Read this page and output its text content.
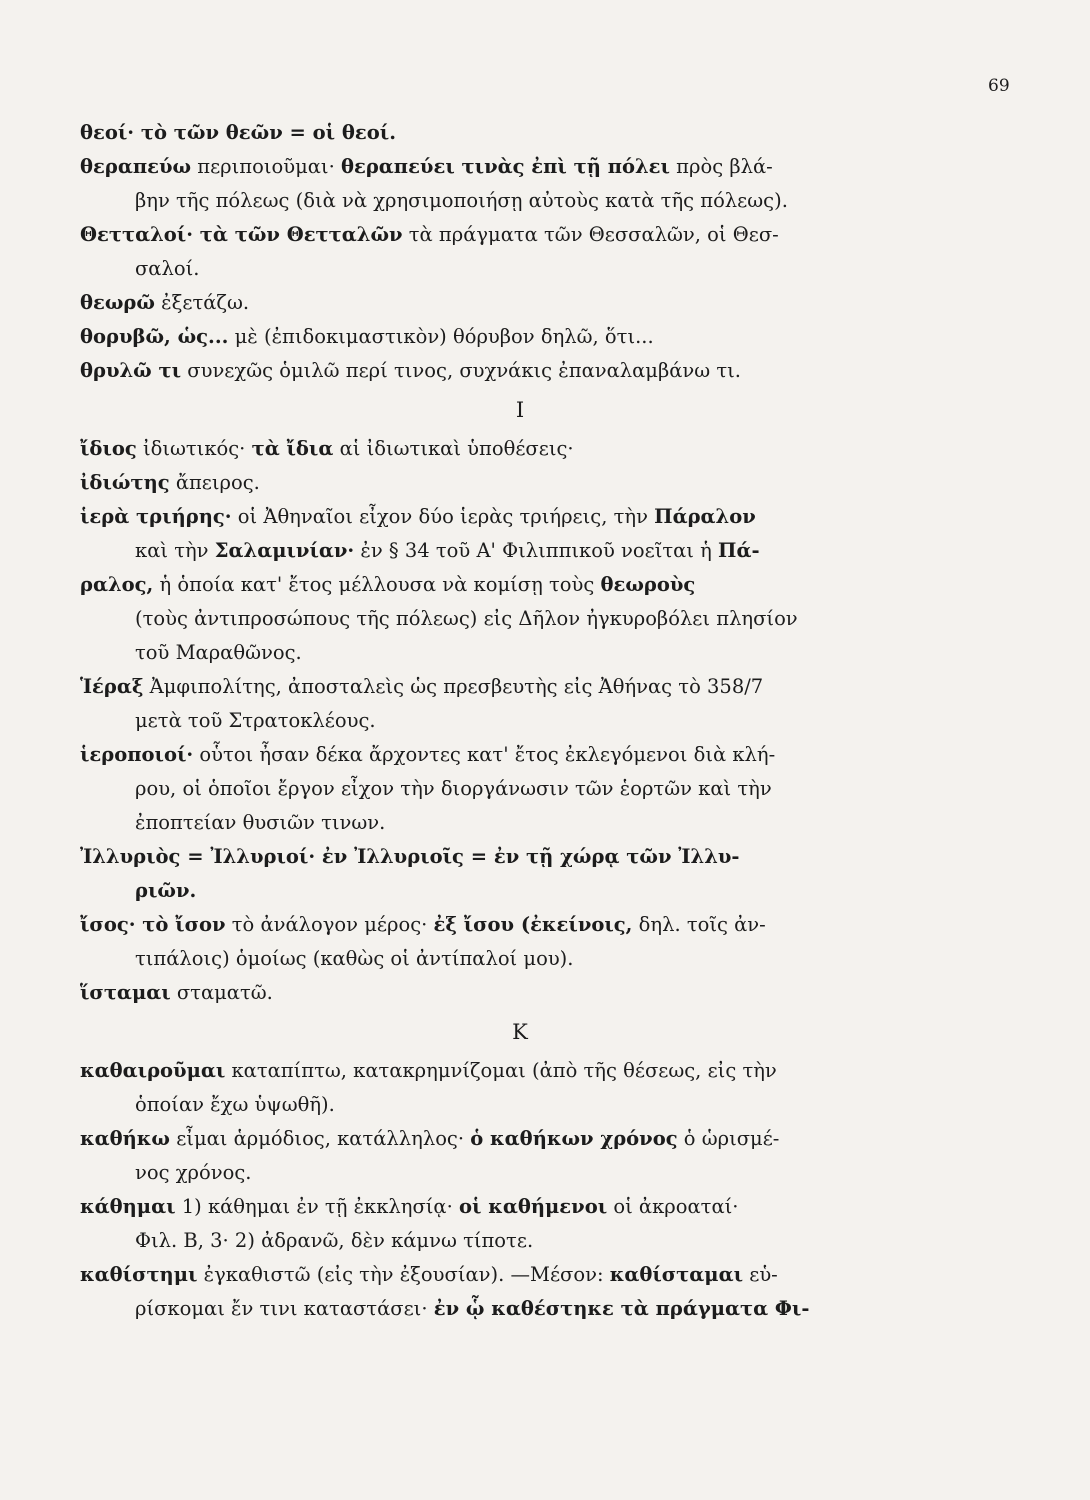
69
θεοί· τὸ τῶν θεῶν = οἱ θεοί.
θεραπεύω περιποιοῦμαι· θεραπεύει τινὰς ἐπὶ τῇ πόλει πρὸς βλά-
βην τῆς πόλεως (διὰ νὰ χρησιμοποιήσῃ αὐτοὺς κατὰ τῆς πόλεως).
Θετταλοί· τὰ τῶν Θετταλῶν τὰ πράγματα τῶν Θεσσαλῶν, οἱ Θεσ-
σαλοί.
θεωρῶ ἐξετάζω.
θορυβῶ, ὡς... μὲ (ἐπιδοκιμαστικὸν) θόρυβον δηλῶ, ὅτι...
θρυλῶ τι συνεχῶς ὁμιλῶ περί τινος, συχνάκις ἐπαναλαμβάνω τι.
Ι
ἴδιος ἰδιωτικός· τὰ ἴδια αἱ ἰδιωτικαὶ ὑποθέσεις·
ἰδιώτης ἄπειρος.
ἱερὰ τριήρης· οἱ Ἀθηναῖοι εἶχον δύο ἱερὰς τριήρεις, τὴν Πάραλον
καὶ τὴν Σαλαμινίαν· ἐν § 34 τοῦ Α' Φιλιππικοῦ νοεῖται ἡ Πά-
ραλος, ἡ ὁποία κατ' ἔτος μέλλουσα νὰ κομίσῃ τοὺς θεωροὺς
(τοὺς ἀντιπροσώπους τῆς πόλεως) εἰς Δῆλον ἠγκυροβόλει πλησίον
τοῦ Μαραθῶνος.
Ἱέραξ Ἀμφιπολίτης, ἀποσταλεὶς ὡς πρεσβευτὴς εἰς Ἀθήνας τὸ 358/7
μετὰ τοῦ Στρατοκλέους.
ἱεροποιοί· οὗτοι ἦσαν δέκα ἄρχοντες κατ' ἔτος ἐκλεγόμενοι διὰ κλή-
ρου, οἱ ὁποῖοι ἔργον εἶχον τὴν διοργάνωσιν τῶν ἑορτῶν καὶ τὴν
ἐποπτείαν θυσιῶν τινων.
Ἰλλυριὸς = Ἰλλυριοί· ἐν Ἰλλυριοῖς = ἐν τῇ χώρᾳ τῶν Ἰλλυ-
ριῶν.
ἴσος· τὸ ἴσον τὸ ἀνάλογον μέρος· ἐξ ἴσου (ἐκείνοις, δηλ. τοῖς ἀν-
τιπάλοις) ὁμοίως (καθὼς οἱ ἀντίπαλοί μου).
ἵσταμαι σταματῶ.
Κ
καθαιροῦμαι καταπίπτω, κατακρημνίζομαι (ἀπὸ τῆς θέσεως, εἰς τὴν
ὁποίαν ἔχω ὑψωθῆ).
καθήκω εἶμαι ἁρμόδιος, κατάλληλος· ὁ καθήκων χρόνος ὁ ὡρισμέ-
νος χρόνος.
κάθημαι 1) κάθημαι ἐν τῇ ἐκκλησίᾳ· οἱ καθήμενοι οἱ ἀκροαταί·
Φιλ. Β, 3· 2) ἀδρανῶ, δὲν κάμνω τίποτε.
καθίστημι ἐγκαθιστῶ (εἰς τὴν ἐξουσίαν). —Μέσον: καθίσταμαι εὑ-
ρίσκομαι ἔν τινι καταστάσει· ἐν ᾧ καθέστηκε τὰ πράγματα Φι-
